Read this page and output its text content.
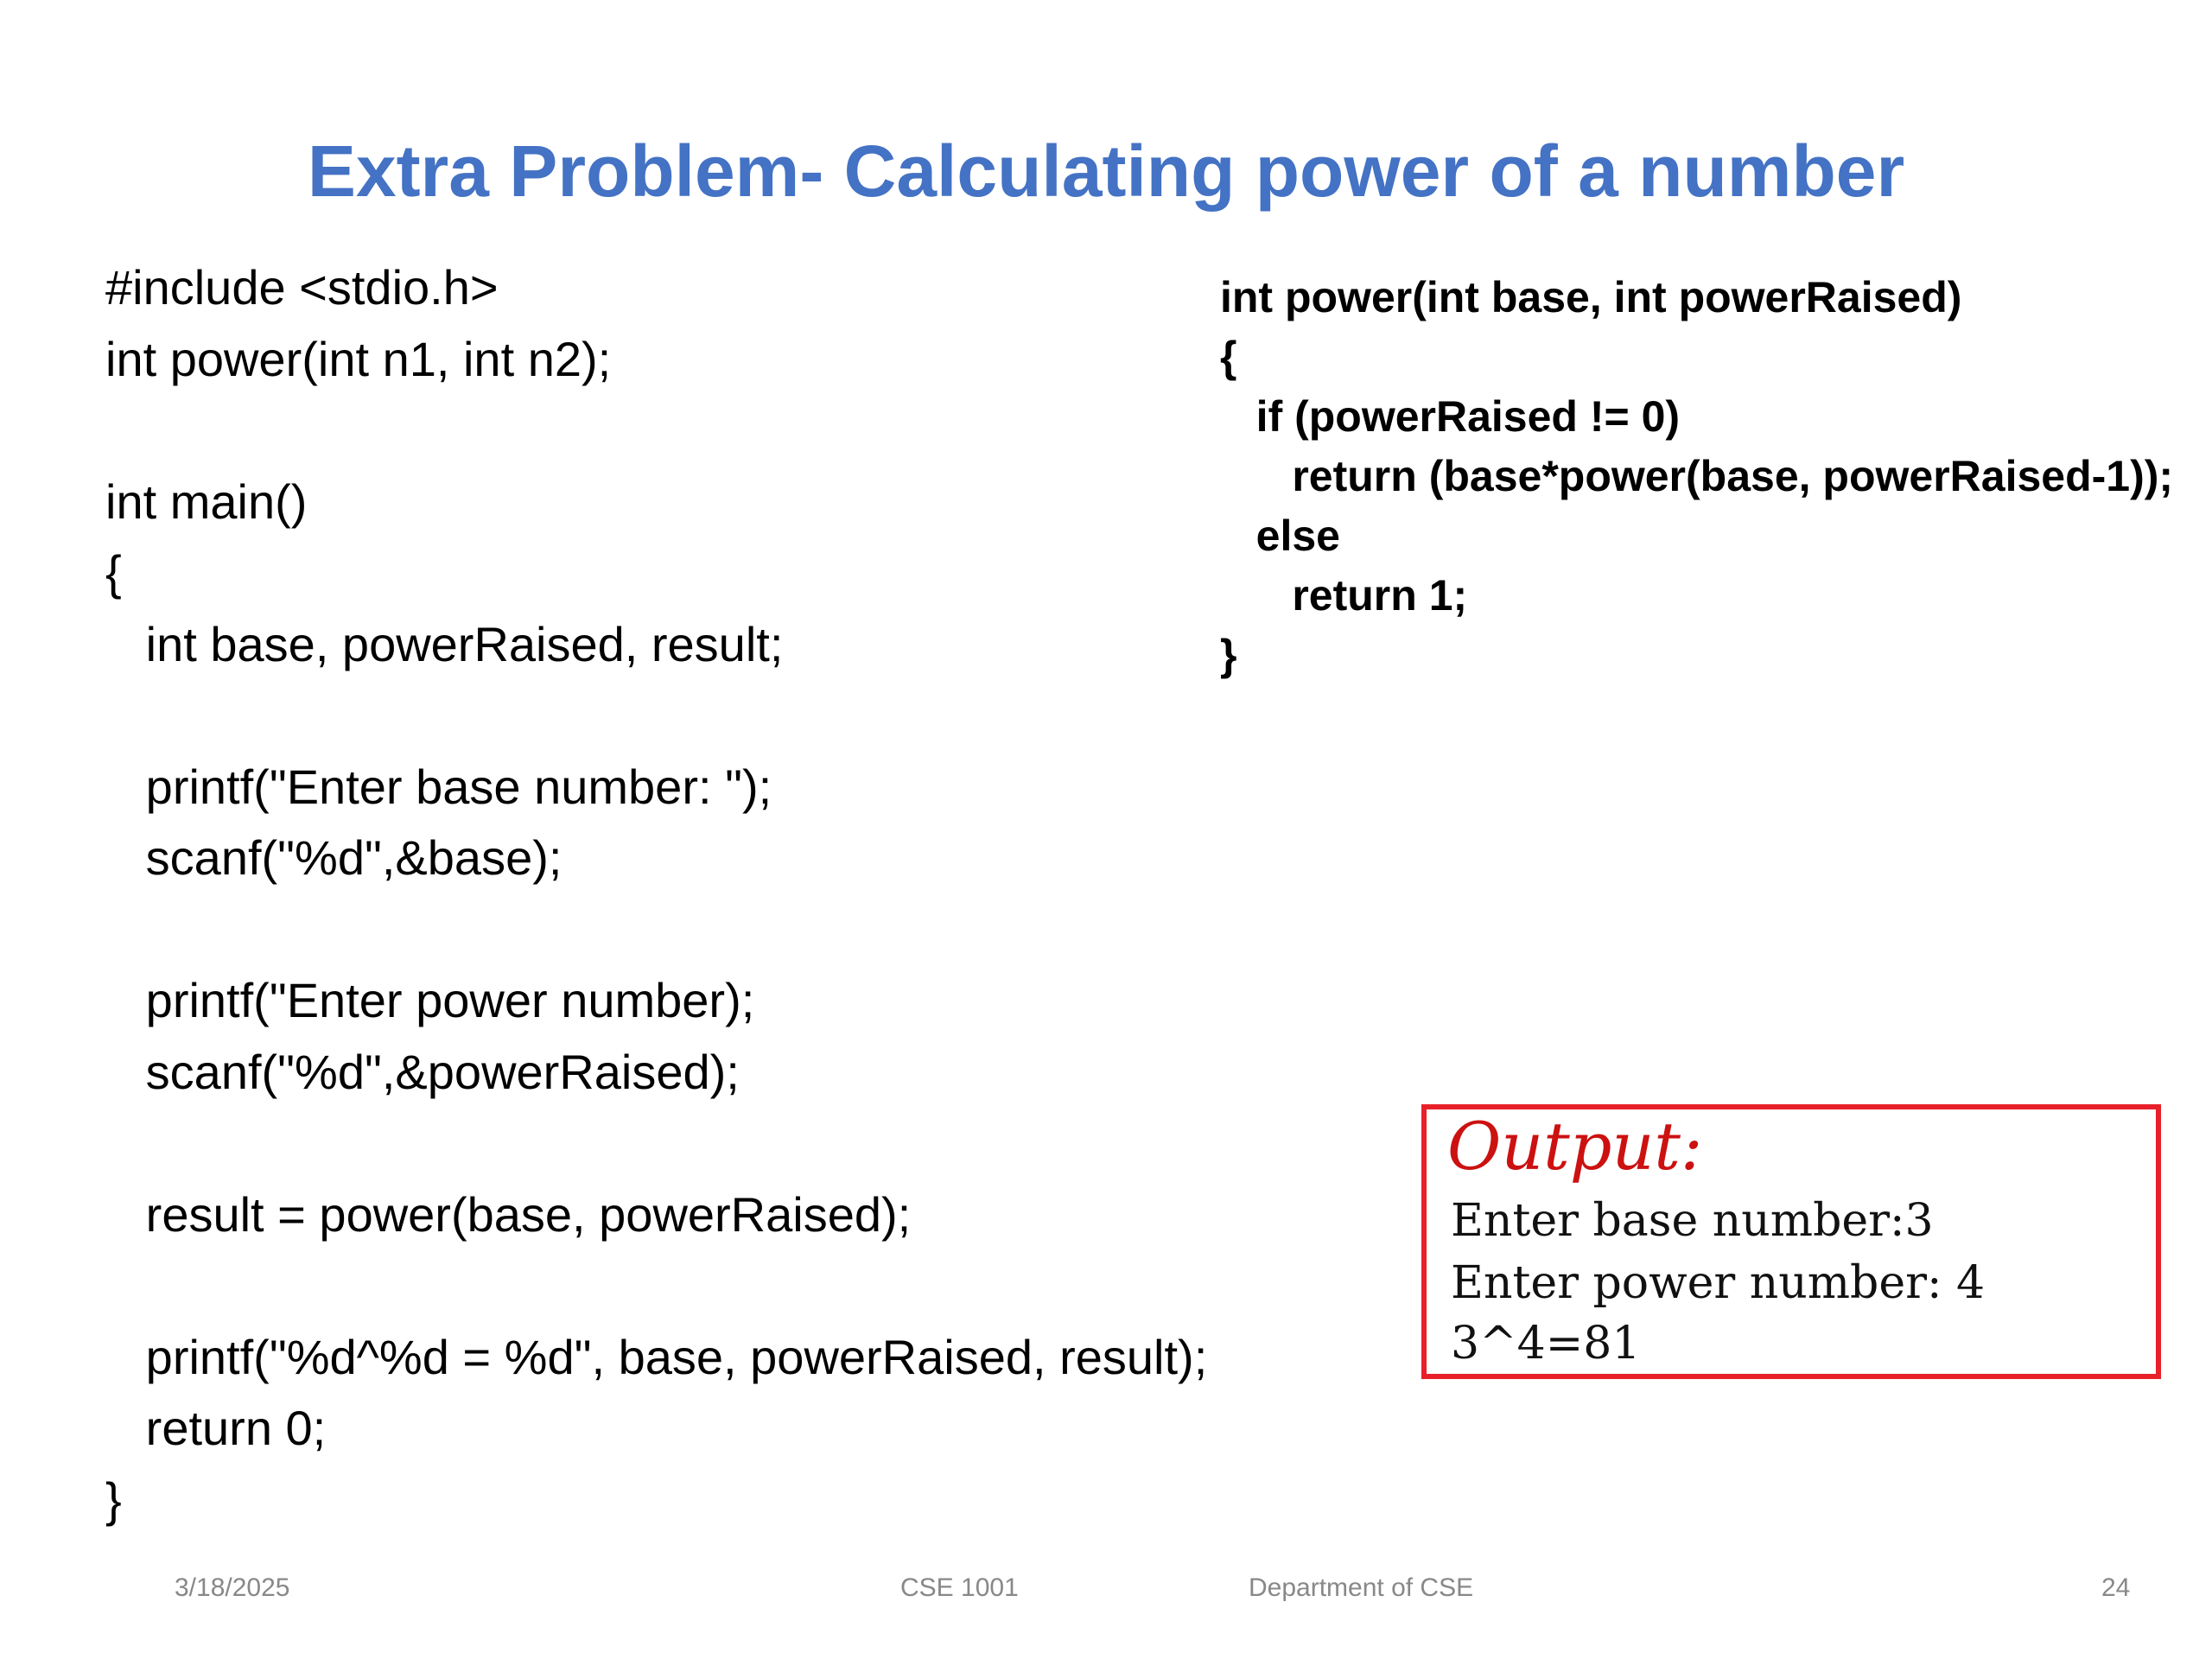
Extra Problem- Calculating power of a number
#include <stdio.h>
int power(int n1, int n2);
int main()
{
int base, powerRaised, result;
printf("Enter base number: ");
scanf("%d",&base);
printf("Enter power number);
scanf("%d",&powerRaised);
result = power(base, powerRaised);
printf("%d^%d = %d", base, powerRaised, result);
return 0;
}
int power(int base, int powerRaised)
{
if (powerRaised != 0)
return (base*power(base, powerRaised-1));
else
return 1;
}
Output:
Enter base number:3
Enter power number: 4
3^4=81
3/18/2025	CSE 1001	Department of CSE	24
